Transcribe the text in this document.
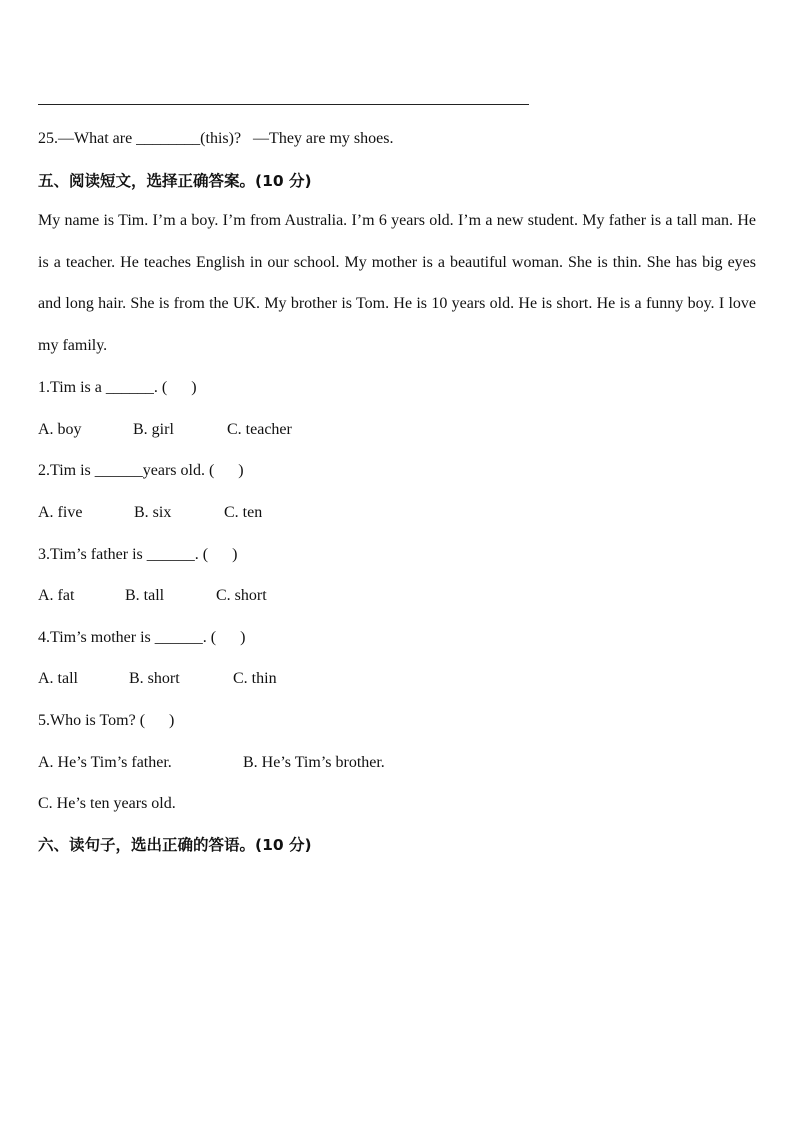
25.—What are ________(this)?   —They are my shoes.
五、阅读短文，选择正确答案。(10 分)
My name is Tim. I’m a boy. I’m from Australia. I’m 6 years old. I’m a new student. My father is a tall man. He is a teacher. He teaches English in our school. My mother is a beautiful woman. She is thin. She has big eyes and long hair. She is from the UK. My brother is Tom. He is 10 years old. He is short. He is a funny boy. I love my family.
1.Tim is a ______. (      )
A. boy	B. girl	C. teacher
2.Tim is ______years old. (      )
A. five	B. six	C. ten
3.Tim’s father is ______. (      )
A. fat	B. tall	C. short
4.Tim’s mother is ______. (      )
A. tall	B. short	C. thin
5.Who is Tom? (      )
A. He’s Tim’s father.	B. He’s Tim’s brother.
C. He’s ten years old.
六、读句子，选出正确的答语。(10 分)
